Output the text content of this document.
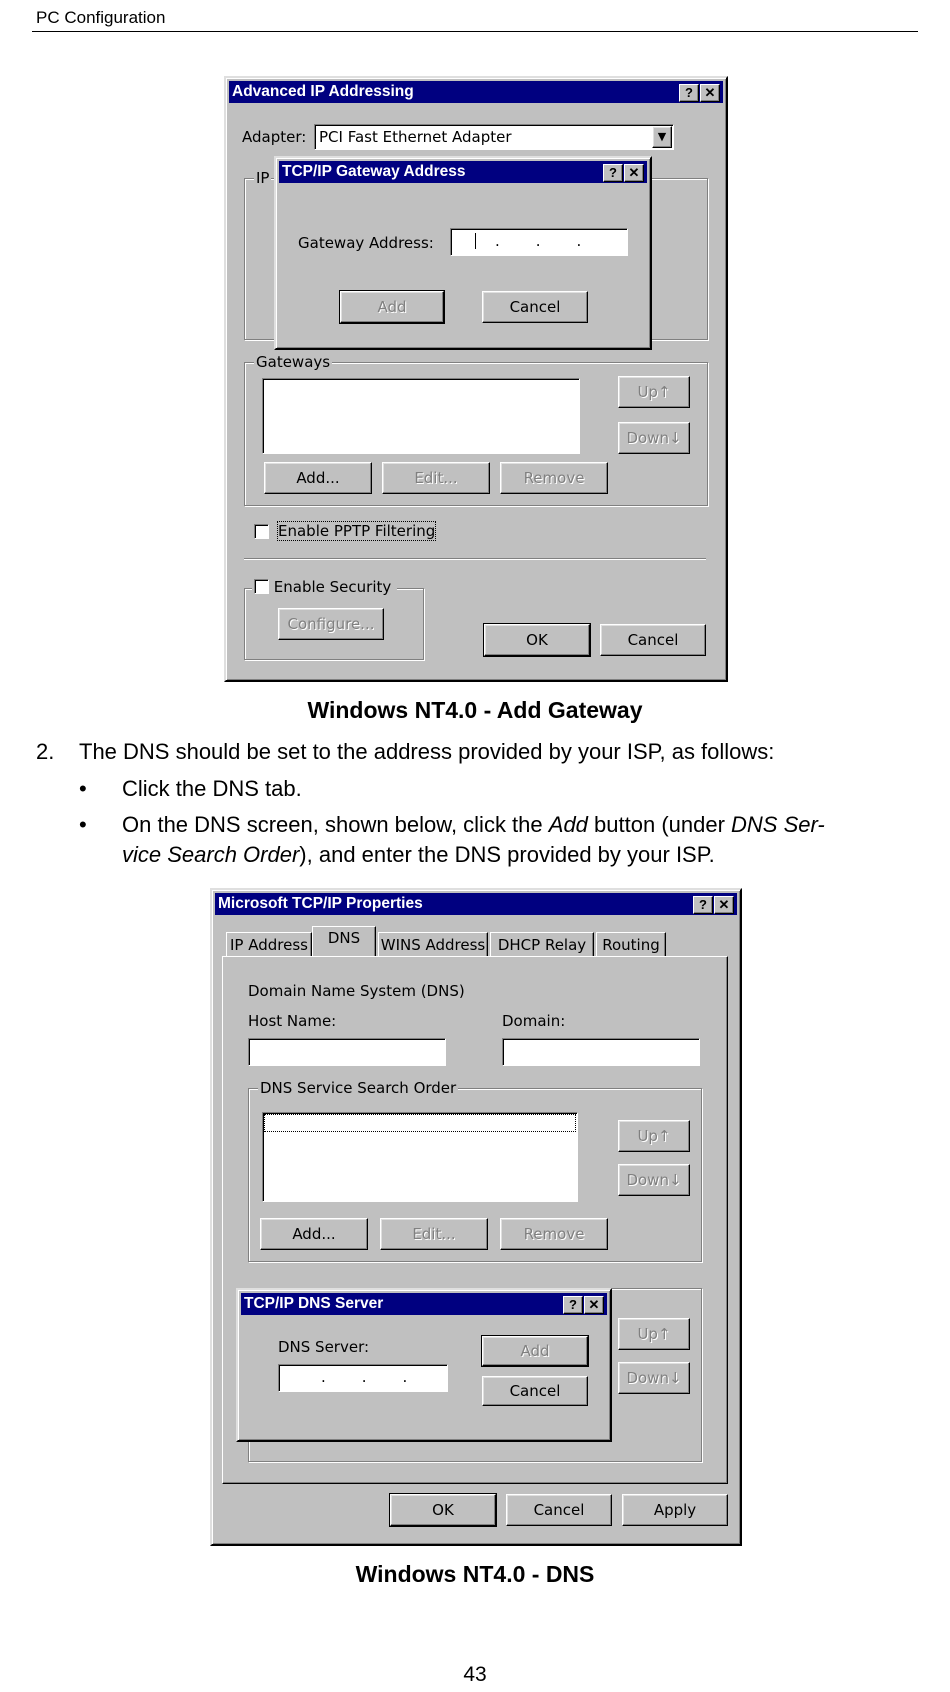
PC Configuration
Advanced IP Addressing	? ✕
Adapter: PCI Fast Ethernet Adapter	▼
IP
Gateways
Up↑
Down↓
Add...	Edit...	Remove
Enable PPTP Filtering
Enable Security
Configure...
OK	Cancel
TCP/IP Gateway Address	? ✕
Gateway Address:	...
Add	Cancel
Windows NT4.0 - Add Gateway
2. The DNS should be set to the address provided by your ISP, as follows:
• Click the DNS tab.
• On the DNS screen, shown below, click the Add button (under DNS Ser-
vice Search Order), and enter the DNS provided by your ISP.
Microsoft TCP/IP Properties	? ✕
IP Address	DNS	WINS Address DHCP Relay	Routing
Domain Name System (DNS)
Host Name:	Domain:
DNS Service Search Order
Up↑
Down↓
Add...	Edit...	Remove
Up↑
Down↓
OK	Cancel	Apply
TCP/IP DNS Server	? ✕
DNS Server:
...
Add
Cancel
Windows NT4.0 - DNS
43
